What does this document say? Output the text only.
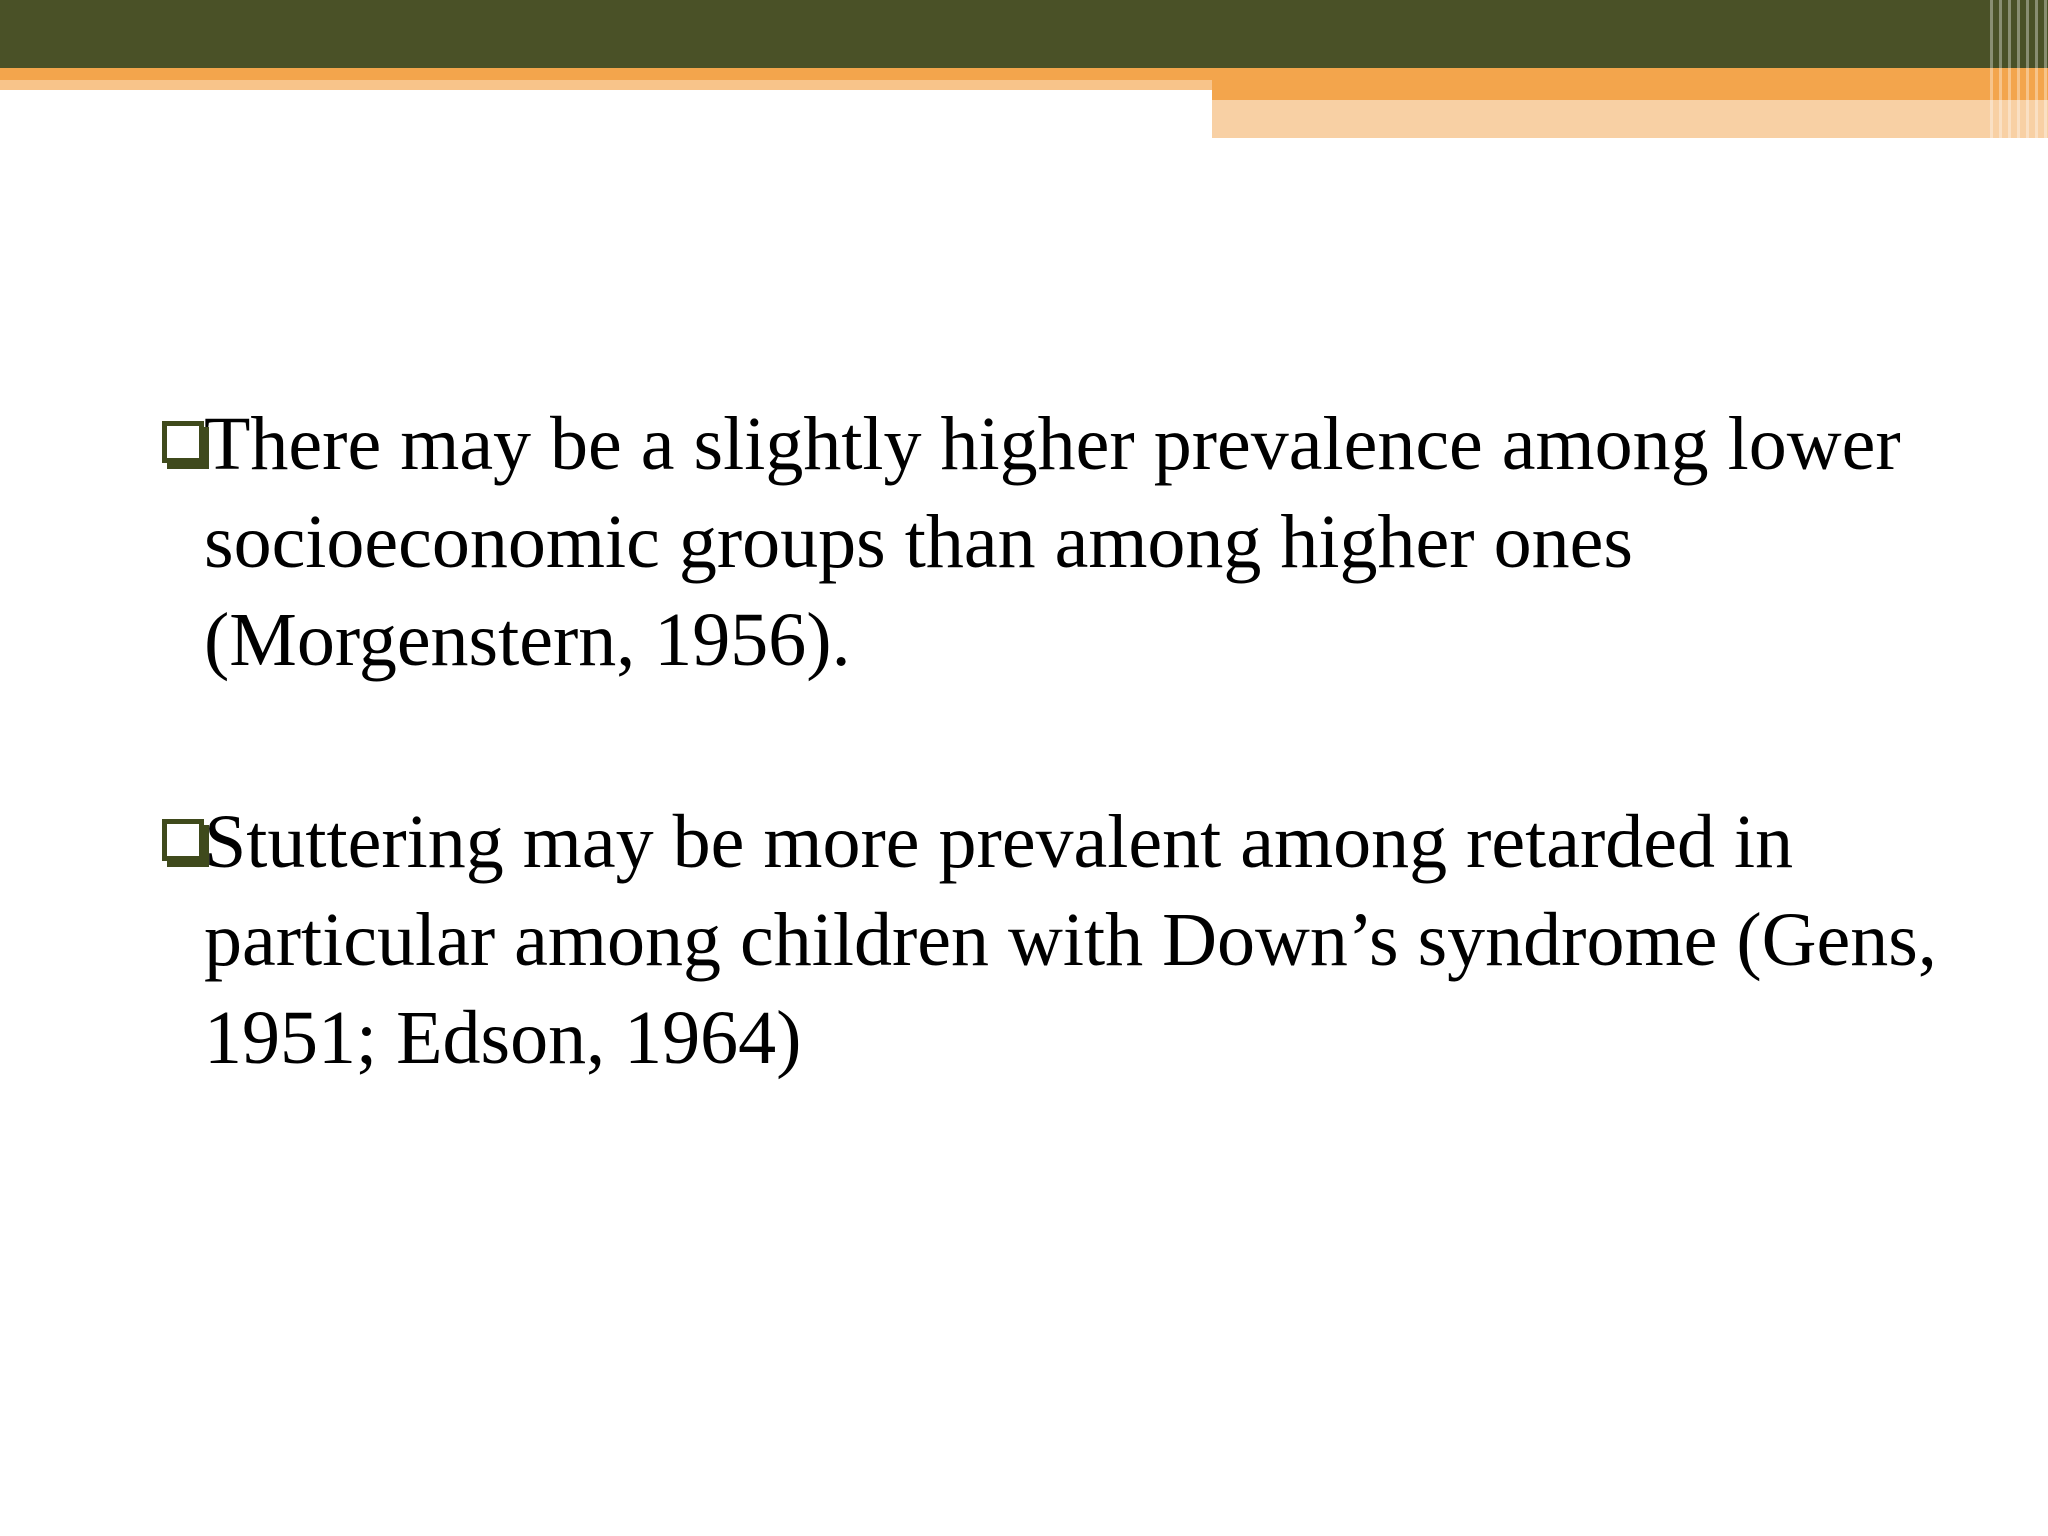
There may be a slightly higher prevalence among lower socioeconomic groups than among higher ones (Morgenstern, 1956).
Stuttering may be more prevalent among retarded in particular among children with Down’s syndrome (Gens, 1951; Edson, 1964)
